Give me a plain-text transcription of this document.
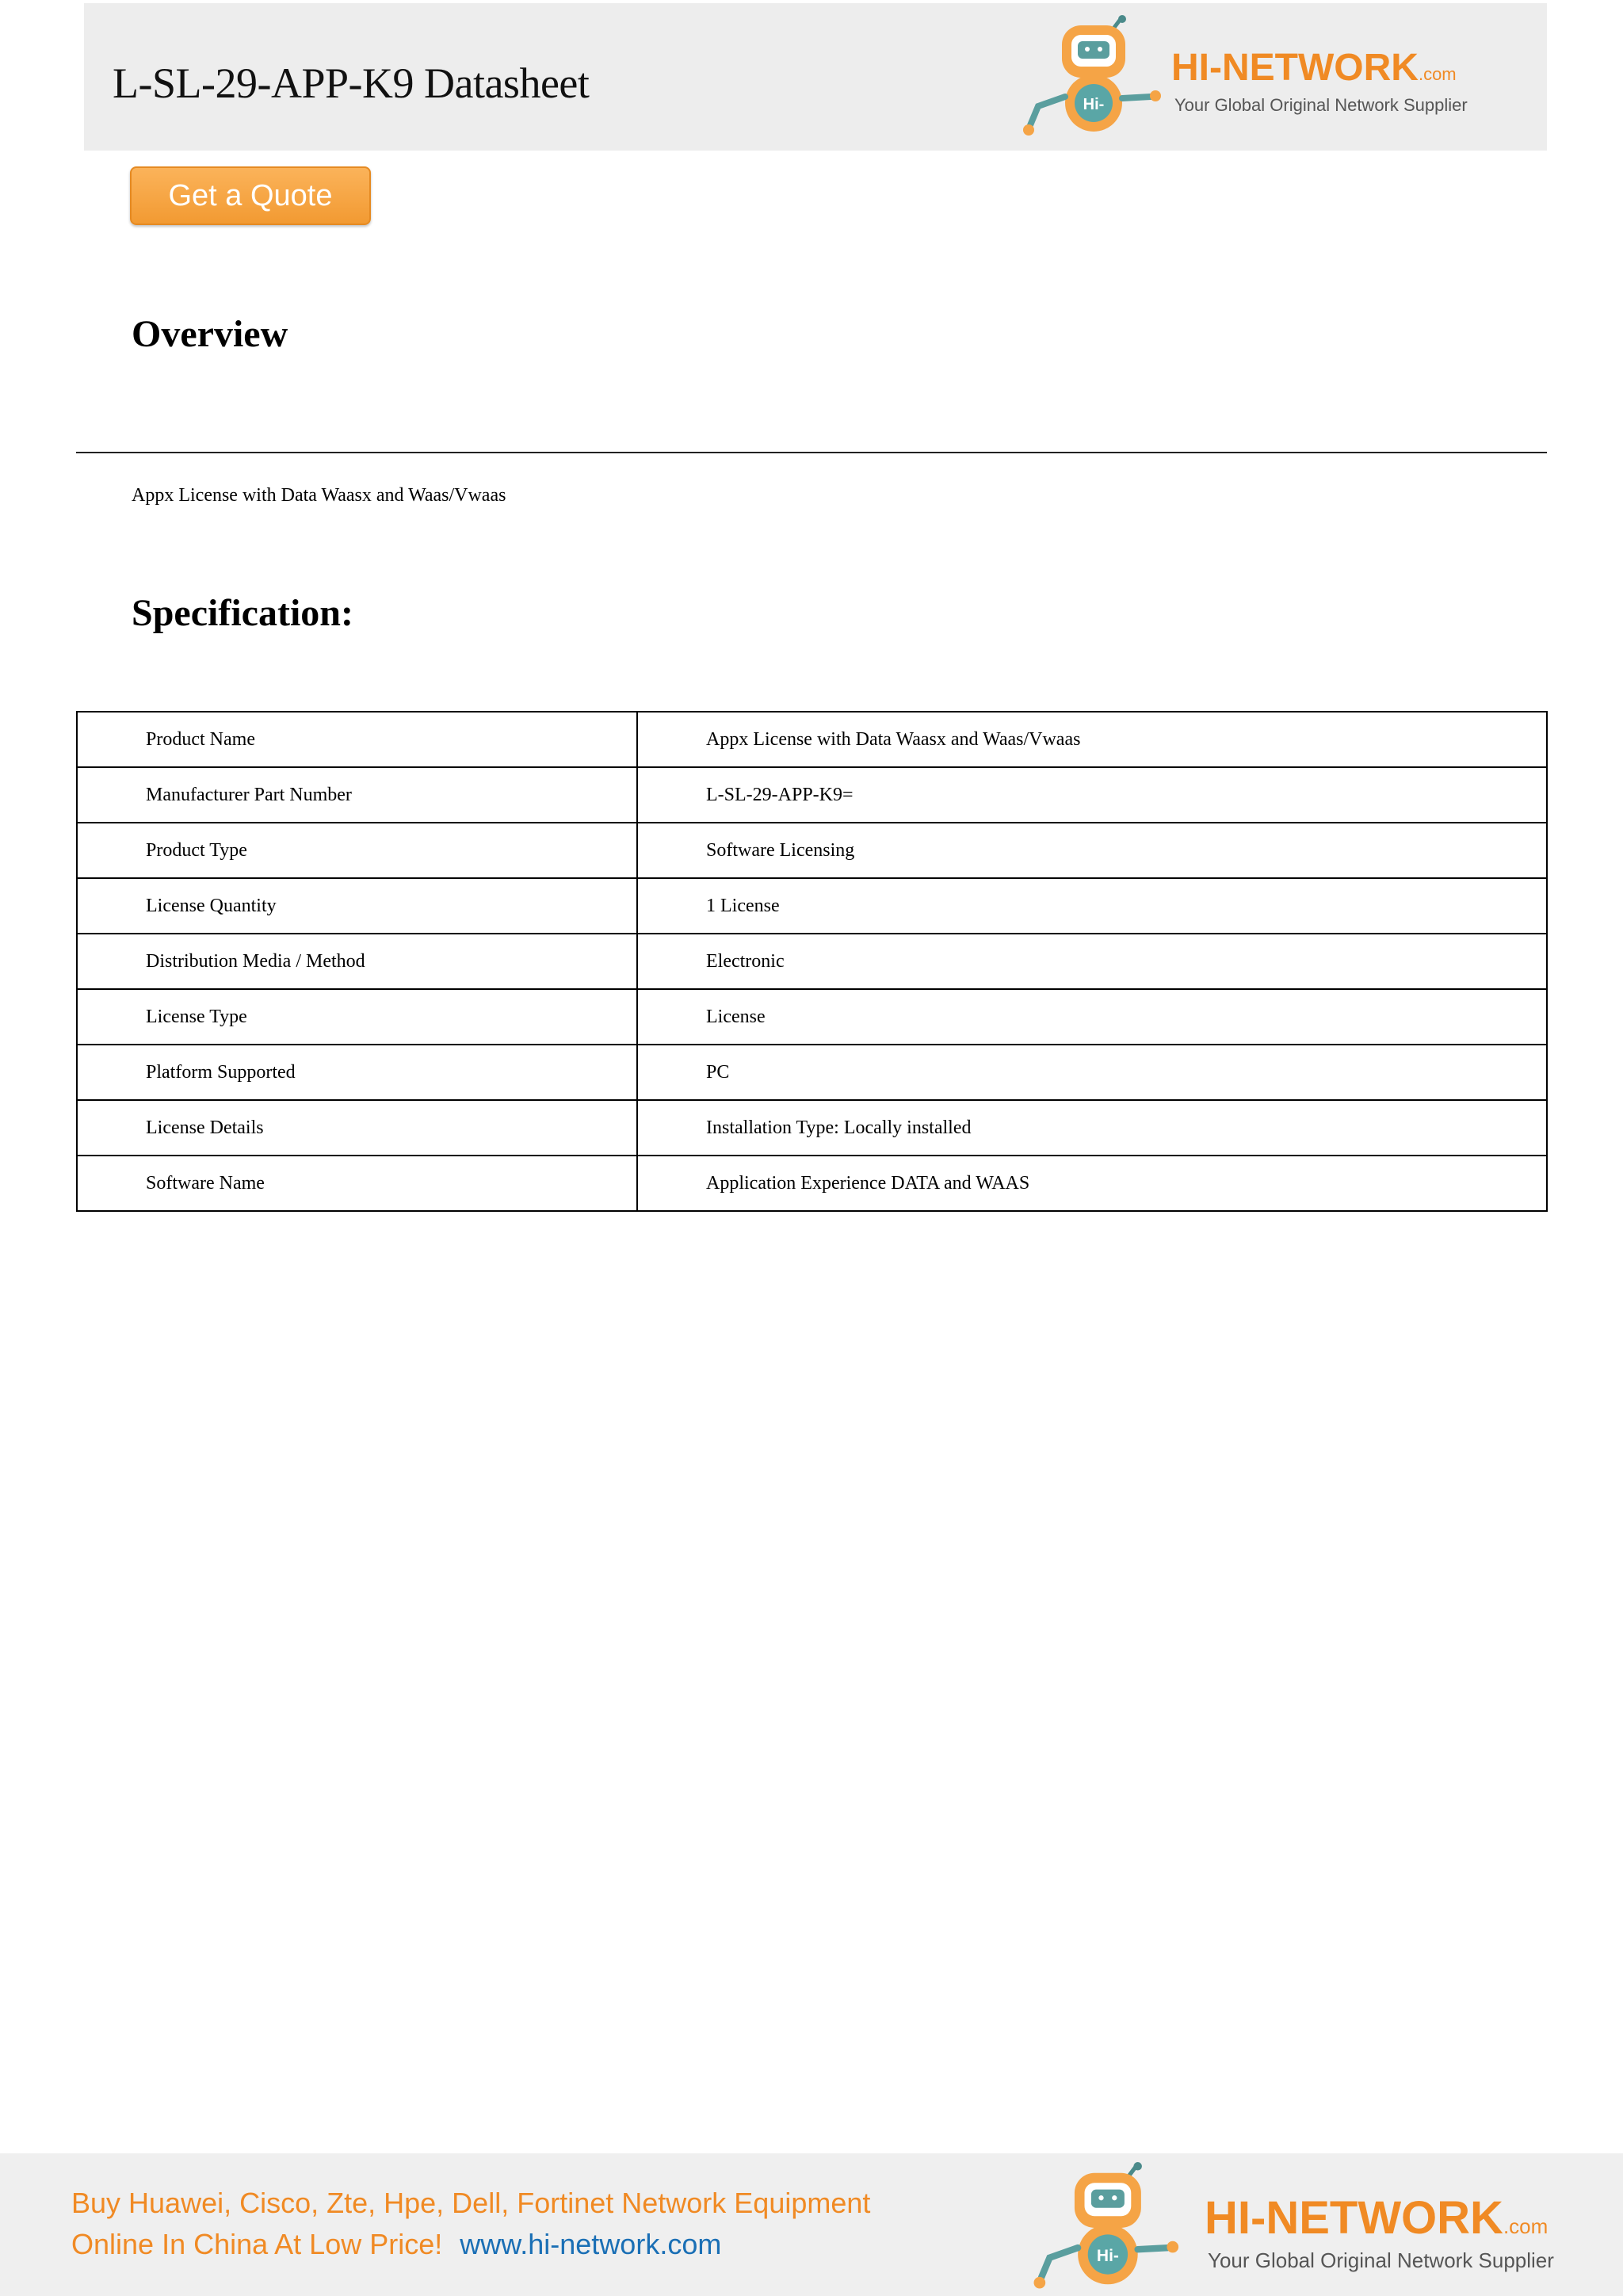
L-SL-29-APP-K9 Datasheet	Hi-
HI-NETWORK.com
Your Global Original Network Supplier
Get a Quote
Overview
Appx License with Data Waasx and Waas/Vwaas
Specification:
Product Name	Appx License with Data Waasx and Waas/Vwaas
Manufacturer Part Number	L-SL-29-APP-K9=
Product Type	Software Licensing
License Quantity	1 License
Distribution Media / Method	Electronic
License Type	License
Platform Supported	PC
License Details	Installation Type: Locally installed
Software Name	Application Experience DATA and WAAS
Buy Huawei, Cisco, Zte, Hpe, Dell, Fortinet Network Equipment
Online In China At Low Price! www.hi-network.com	Hi-
HI-NETWORK.com
Your Global Original Network Supplier
